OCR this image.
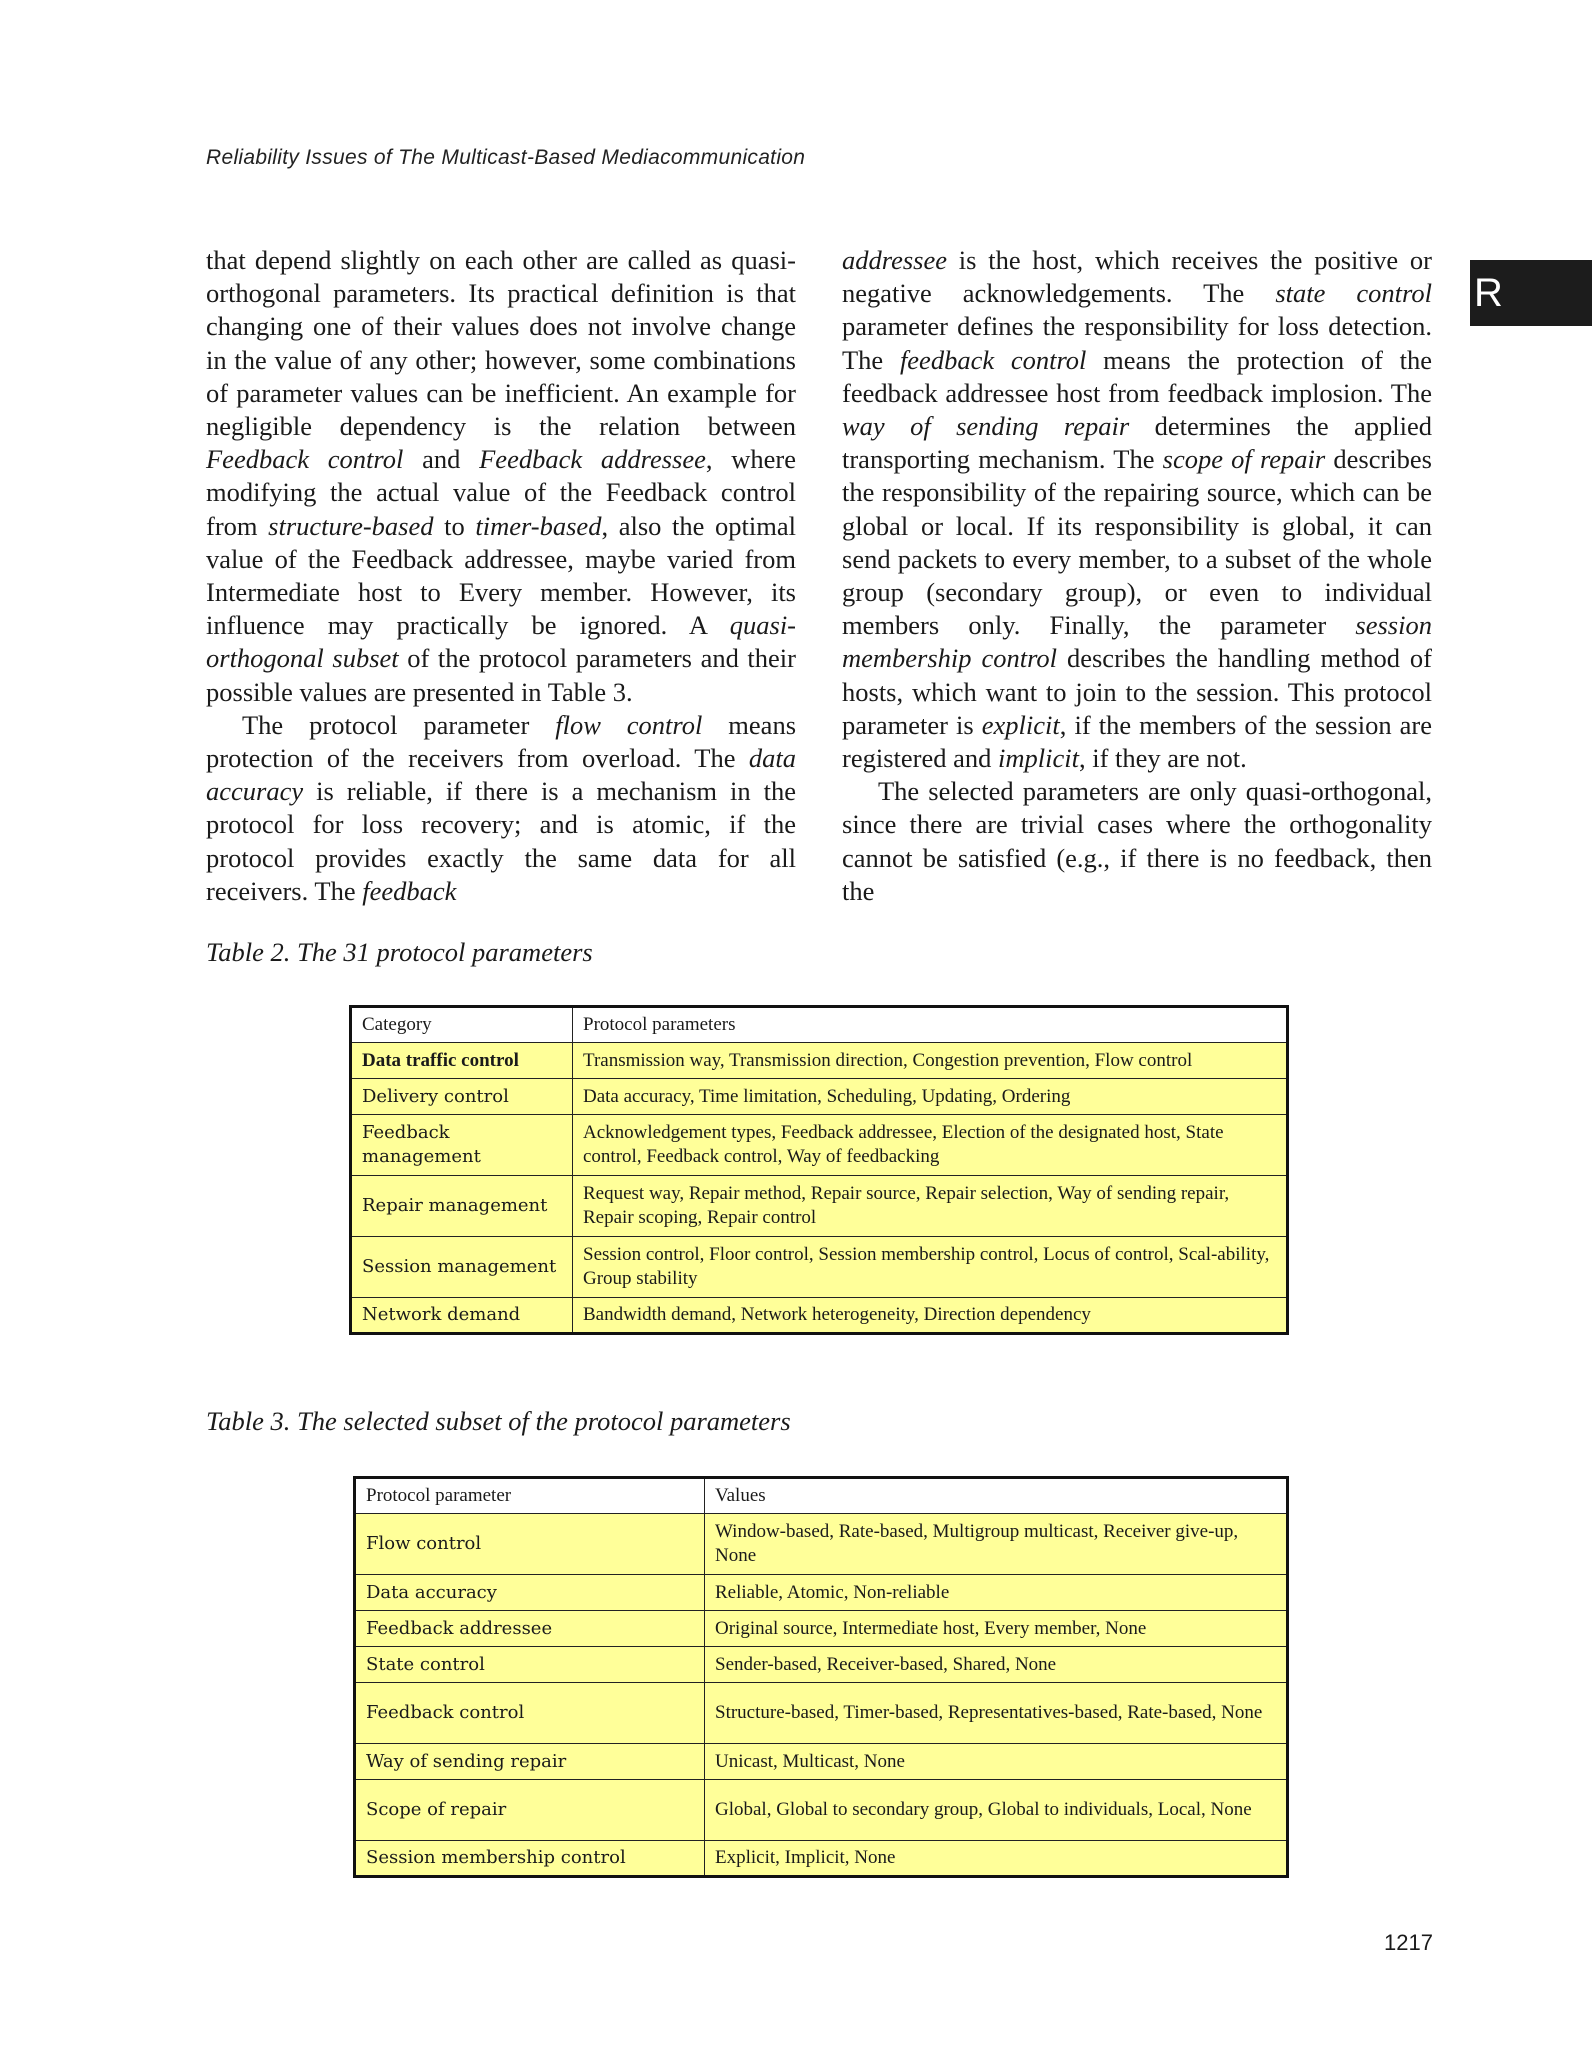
Reliability Issues of The Multicast-Based Mediacommunication
R

that depend slightly on each other are called as quasi-orthogonal parameters. Its practical definition is that changing one of their values does not involve change in the value of any other; however, some combinations of parameter values can be inefficient. An example for negligible dependency is the relation between Feedback control and Feedback addressee, where modifying the actual value of the Feedback control from structure-based to timer-based, also the optimal value of the Feedback addressee, maybe varied from Intermediate host to Every member. However, its influence may practically be ignored. A quasi-orthogonal subset of the protocol parameters and their possible values are presented in Table 3.

The protocol parameter flow control means protection of the receivers from overload. The data accuracy is reliable, if there is a mechanism in the protocol for loss recovery; and is atomic, if the protocol provides exactly the same data for all receivers. The feedback

addressee is the host, which receives the positive or negative acknowledgements. The state control parameter defines the responsibility for loss detection. The feedback control means the protection of the feedback addressee host from feedback implosion. The way of sending repair determines the applied transporting mechanism. The scope of repair describes the responsibility of the repairing source, which can be global or local. If its responsibility is global, it can send packets to every member, to a subset of the whole group (secondary group), or even to individual members only. Finally, the parameter session membership control describes the handling method of hosts, which want to join to the session. This protocol parameter is explicit, if the members of the session are registered and implicit, if they are not.

The selected parameters are only quasi-orthogonal, since there are trivial cases where the orthogonality cannot be satisfied (e.g., if there is no feedback, then the

Table 2. The 31 protocol parameters
Category	Protocol parameters
Data traffic control	Transmission way, Transmission direction, Congestion prevention, Flow control
Delivery control	Data accuracy, Time limitation, Scheduling, Updating, Ordering
Feedback management	Acknowledgement types, Feedback addressee, Election of the designated host, State control, Feedback control, Way of feedbacking
Repair management	Request way, Repair method, Repair source, Repair selection, Way of sending repair, Repair scoping, Repair control
Session management	Session control, Floor control, Session membership control, Locus of control, Scal-ability, Group stability
Network demand	Bandwidth demand, Network heterogeneity, Direction dependency
Table 3. The selected subset of the protocol parameters
Protocol parameter	Values
Flow control	Window-based, Rate-based, Multigroup multicast, Receiver give-up, None
Data accuracy	Reliable, Atomic, Non-reliable
Feedback addressee	Original source, Intermediate host, Every member, None
State control	Sender-based, Receiver-based, Shared, None
Feedback control	Structure-based, Timer-based, Representatives-based, Rate-based, None
Way of sending repair	Unicast, Multicast, None
Scope of repair	Global, Global to secondary group, Global to individuals, Local, None
Session membership control	Explicit, Implicit, None
1217
